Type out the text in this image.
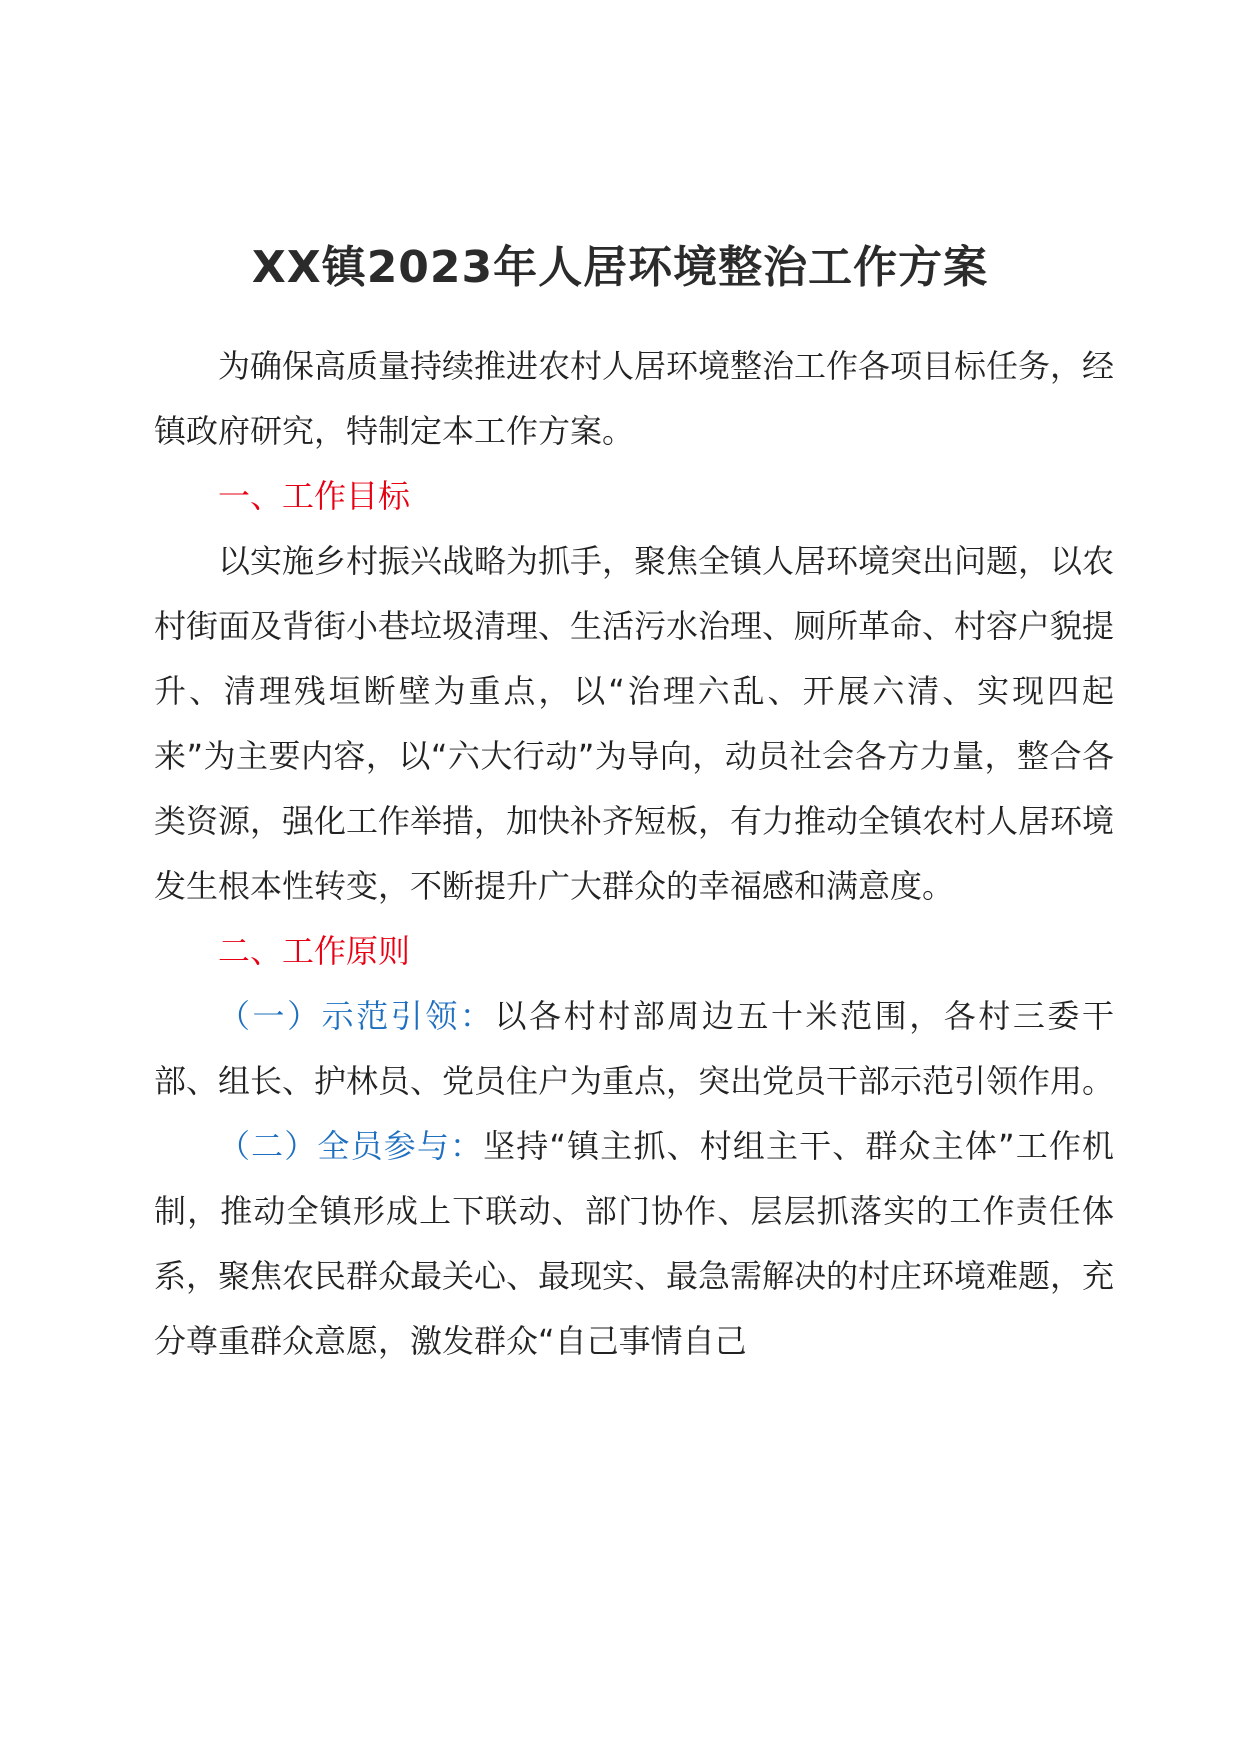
XX镇2023年人居环境整治工作方案

为确保高质量持续推进农村人居环境整治工作各项目标任务，经镇政府研究，特制定本工作方案。

一、工作目标

以实施乡村振兴战略为抓手，聚焦全镇人居环境突出问题，以农村街面及背街小巷垃圾清理、生活污水治理、厕所革命、村容户貌提升、清理残垣断壁为重点，以“治理六乱、开展六清、实现四起来”为主要内容，以“六大行动”为导向，动员社会各方力量，整合各类资源，强化工作举措，加快补齐短板，有力推动全镇农村人居环境发生根本性转变，不断提升广大群众的幸福感和满意度。

二、工作原则

（一）示范引领：以各村村部周边五十米范围，各村三委干部、组长、护林员、党员住户为重点，突出党员干部示范引领作用。

（二）全员参与：坚持“镇主抓、村组主干、群众主体”工作机制，推动全镇形成上下联动、部门协作、层层抓落实的工作责任体系，聚焦农民群众最关心、最现实、最急需解决的村庄环境难题，充分尊重群众意愿，激发群众“自己事情自己
